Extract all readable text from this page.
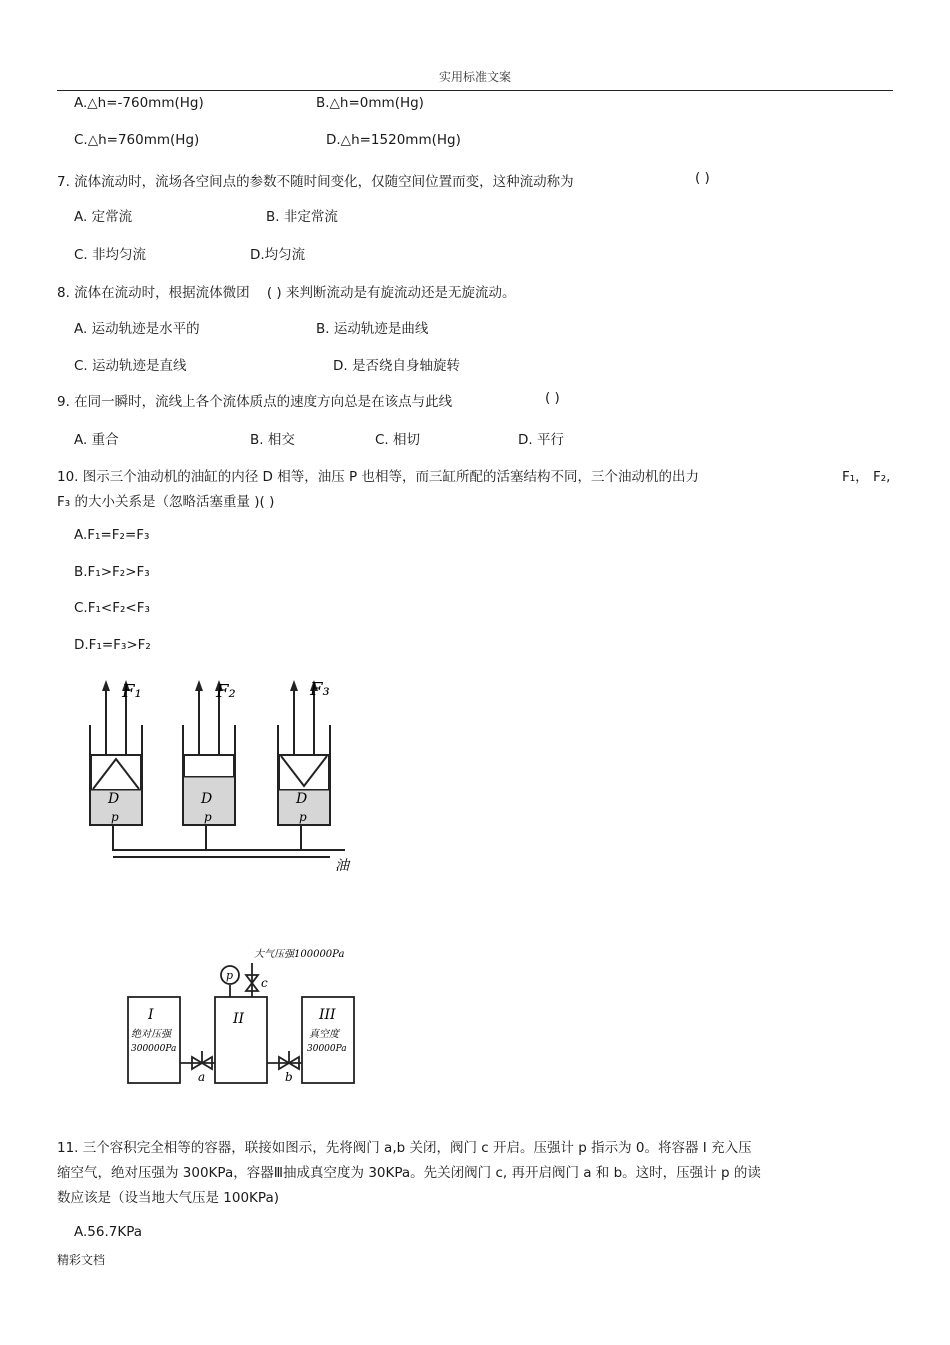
实用标准文案
A.△h=-760mm(Hg)	B.△h=0mm(Hg)
C.△h=760mm(Hg)	D.△h=1520mm(Hg)
7. 流体流动时，流场各空间点的参数不随时间变化，仅随空间位置而变，这种流动称为	( )
A. 定常流	B. 非定常流
C. 非均匀流	D.均匀流
8. 流体在流动时，根据流体微团 ( ) 来判断流动是有旋流动还是无旋流动。
A. 运动轨迹是水平的	B. 运动轨迹是曲线
C. 运动轨迹是直线	D. 是否绕自身轴旋转
9. 在同一瞬时，流线上各个流体质点的速度方向总是在该点与此线	( )
A. 重合	B. 相交	C. 相切	D. 平行
10. 图示三个油动机的油缸的内径 D 相等，油压 P 也相等，而三缸所配的活塞结构不同，三个油动机的出力	F₁， F₂,
F₃ 的大小关系是（忽略活塞重量 )( )
A.F₁=F₂=F₃
B.F₁>F₂>F₃
C.F₁<F₂<F₃
D.F₁=F₃>F₂
F₁	F₂	F₃
D	D	D
p	p	p
油
大气压强100000Pa
p
c
a	b
I
绝对压强
300000Pa
II	III
真空度
30000Pa
11. 三个容积完全相等的容器，联接如图示，先将阀门 a,b 关闭，阀门 c 开启。压强计 p 指示为 0。将容器 Ⅰ 充入压
缩空气，绝对压强为 300KPa，容器Ⅲ抽成真空度为 30KPa。先关闭阀门 c, 再开启阀门 a 和 b。这时，压强计 p 的读
数应该是（设当地大气压是 100KPa)
A.56.7KPa
精彩文档
